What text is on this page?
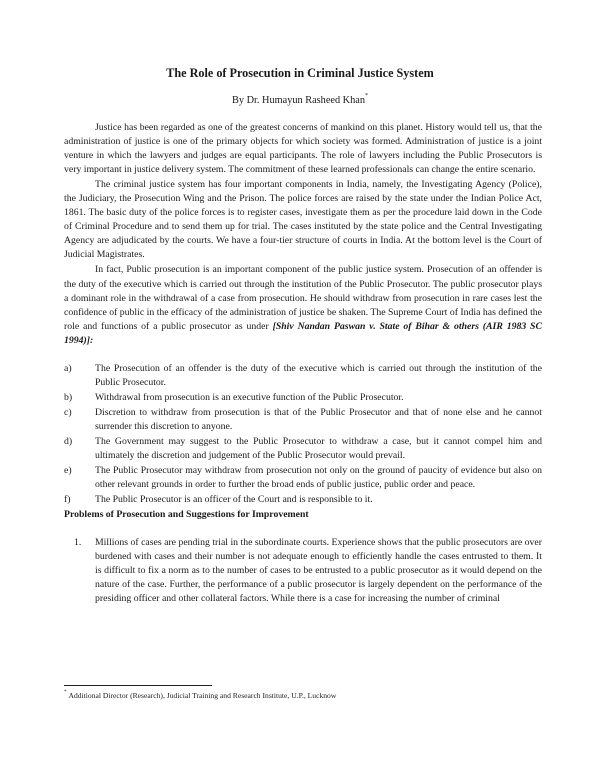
The Role of Prosecution in Criminal Justice System
By Dr. Humayun Rasheed Khan*

Justice has been regarded as one of the greatest concerns of mankind on this planet. History would tell us, that the administration of justice is one of the primary objects for which society was formed. Administration of justice is a joint venture in which the lawyers and judges are equal participants. The role of lawyers including the Public Prosecutors is very important in justice delivery system. The commitment of these learned professionals can change the entire scenario.

The criminal justice system has four important components in India, namely, the Investigating Agency (Police), the Judiciary, the Prosecution Wing and the Prison. The police forces are raised by the state under the Indian Police Act, 1861. The basic duty of the police forces is to register cases, investigate them as per the procedure laid down in the Code of Criminal Procedure and to send them up for trial. The cases instituted by the state police and the Central Investigating Agency are adjudicated by the courts. We have a four-tier structure of courts in India. At the bottom level is the Court of Judicial Magistrates.

In fact, Public prosecution is an important component of the public justice system. Prosecution of an offender is the duty of the executive which is carried out through the institution of the Public Prosecutor. The public prosecutor plays a dominant role in the withdrawal of a case from prosecution. He should withdraw from prosecution in rare cases lest the confidence of public in the efficacy of the administration of justice be shaken. The Supreme Court of India has defined the role and functions of a public prosecutor as under [Shiv Nandan Paswan v. State of Bihar & others (AIR 1983 SC 1994)]:

a)	The Prosecution of an offender is the duty of the executive which is carried out through the institution of the Public Prosecutor.
b)	Withdrawal from prosecution is an executive function of the Public Prosecutor.
c)	Discretion to withdraw from prosecution is that of the Public Prosecutor and that of none else and he cannot surrender this discretion to anyone.
d)	The Government may suggest to the Public Prosecutor to withdraw a case, but it cannot compel him and ultimately the discretion and judgement of the Public Prosecutor would prevail.
e)	The Public Prosecutor may withdraw from prosecution not only on the ground of paucity of evidence but also on other relevant grounds in order to further the broad ends of public justice, public order and peace.
f)	The Public Prosecutor is an officer of the Court and is responsible to it.

Problems of Prosecution and Suggestions for Improvement

1. Millions of cases are pending trial in the subordinate courts. Experience shows that the public prosecutors are over burdened with cases and their number is not adequate enough to efficiently handle the cases entrusted to them. It is difficult to fix a norm as to the number of cases to be entrusted to a public prosecutor as it would depend on the nature of the case. Further, the performance of a public prosecutor is largely dependent on the performance of the presiding officer and other collateral factors. While there is a case for increasing the number of criminal
* Additional Director (Research), Judicial Training and Research Institute, U.P., Lucknow
